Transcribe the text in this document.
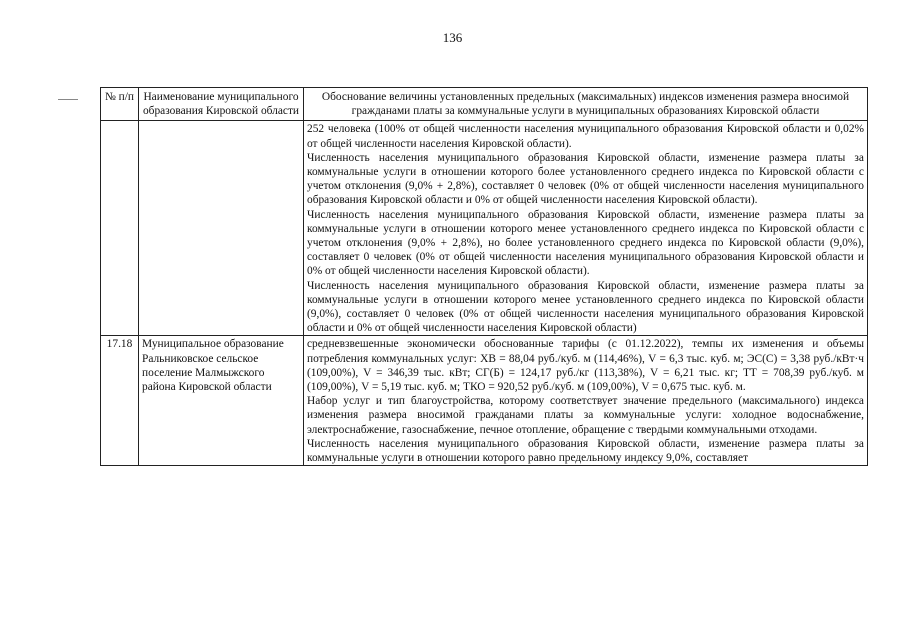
136
№ п/п	Наименование муниципального образования Кировской области	Обоснование величины установленных предельных (максимальных) индексов изменения размера вносимой гражданами платы за коммунальные услуги в муниципальных образованиях Кировской области

		252 человека (100% от общей численности населения муниципального образования Кировской области и 0,02% от общей численности населения Кировской области).

Численность населения муниципального образования Кировской области, изменение размера платы за коммунальные услуги в отношении которого более установленного среднего индекса по Кировской области с учетом отклонения (9,0% + 2,8%), составляет 0 человек (0% от общей численности населения муниципального образования Кировской области и 0% от общей численности населения Кировской области).

Численность населения муниципального образования Кировской области, изменение размера платы за коммунальные услуги в отношении которого менее установленного среднего индекса по Кировской области с учетом отклонения (9,0% + 2,8%), но более установленного среднего индекса по Кировской области (9,0%), составляет 0 человек (0% от общей численности населения муниципального образования Кировской области и 0% от общей численности населения Кировской области).

Численность населения муниципального образования Кировской области, изменение размера платы за коммунальные услуги в отношении которого менее установленного среднего индекса по Кировской области (9,0%), составляет 0 человек (0% от общей численности населения муниципального образования Кировской области и 0% от общей численности населения Кировской области)

17.18	Муниципальное образование Ральниковское сельское поселение Малмыжского района Кировской области	средневзвешенные экономически обоснованные тарифы (с 01.12.2022), темпы их изменения и объемы потребления коммунальных услуг: ХВ = 88,04 руб./куб. м (114,46%), V = 6,3 тыс. куб. м; ЭС(С) = 3,38 руб./кВт·ч (109,00%), V = 346,39 тыс. кВт; СГ(Б) = 124,17 руб./кг (113,38%), V = 6,21 тыс. кг; ТТ = 708,39 руб./куб. м (109,00%), V = 5,19 тыс. куб. м; ТКО = 920,52 руб./куб. м (109,00%), V = 0,675 тыс. куб. м.

Набор услуг и тип благоустройства, которому соответствует значение предельного (максимального) индекса изменения размера вносимой гражданами платы за коммунальные услуги: холодное водоснабжение, электроснабжение, газоснабжение, печное отопление, обращение с твердыми коммунальными отходами.

Численность населения муниципального образования Кировской области, изменение размера платы за коммунальные услуги в отношении которого равно предельному индексу 9,0%, составляет
